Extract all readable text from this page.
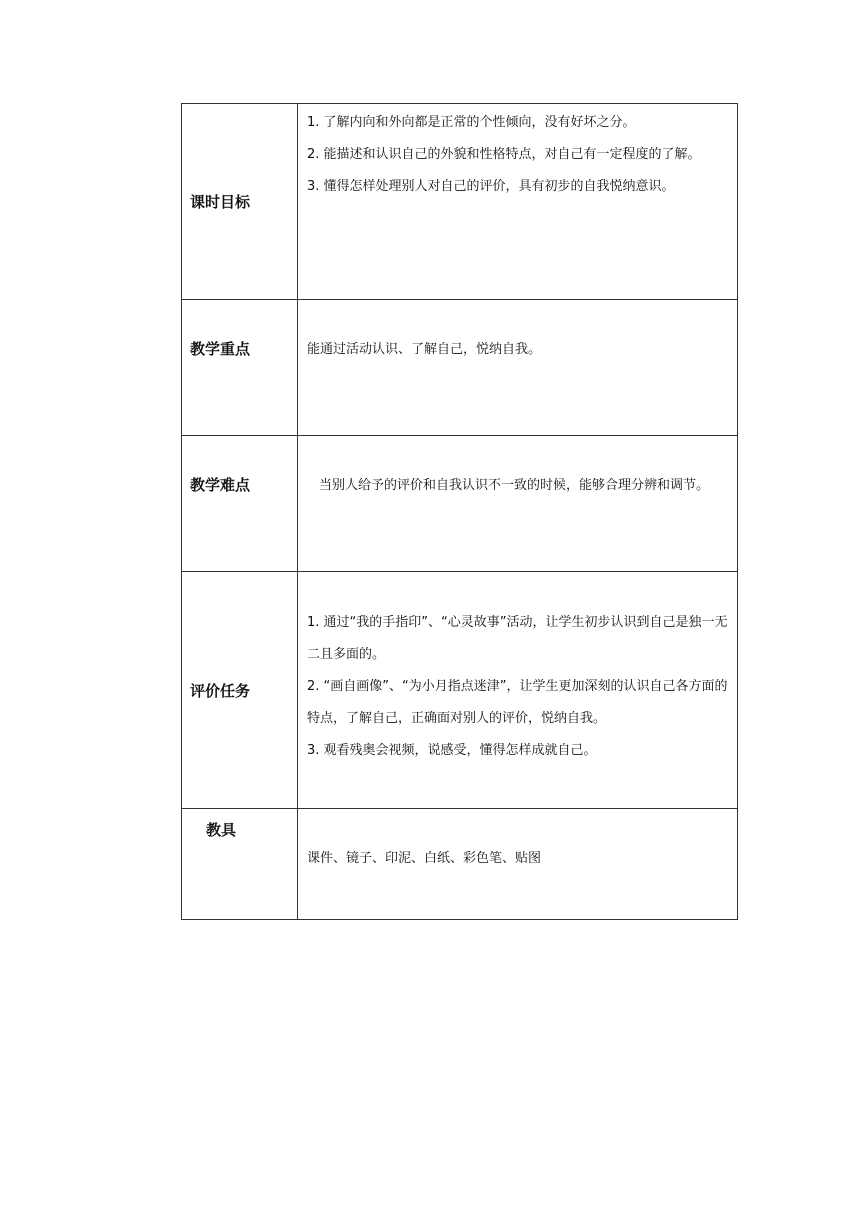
课时目标	1. 了解内向和外向都是正常的个性倾向，没有好坏之分。

2. 能描述和认识自己的外貌和性格特点，对自己有一定程度的了解。

3. 懂得怎样处理别人对自己的评价，具有初步的自我悦纳意识。

教学重点	能通过活动认识、了解自己，悦纳自我。

教学难点	当别人给予的评价和自我认识不一致的时候，能够合理分辨和调节。

评价任务	1. 通过“我的手指印”、“心灵故事”活动，让学生初步认识到自己是独一无二且多面的。

2. “画自画像”、“为小月指点迷津”，让学生更加深刻的认识自己各方面的特点，了解自己，正确面对别人的评价，悦纳自我。

3. 观看残奥会视频，说感受，懂得怎样成就自己。

教具	课件、镜子、印泥、白纸、彩色笔、贴图
